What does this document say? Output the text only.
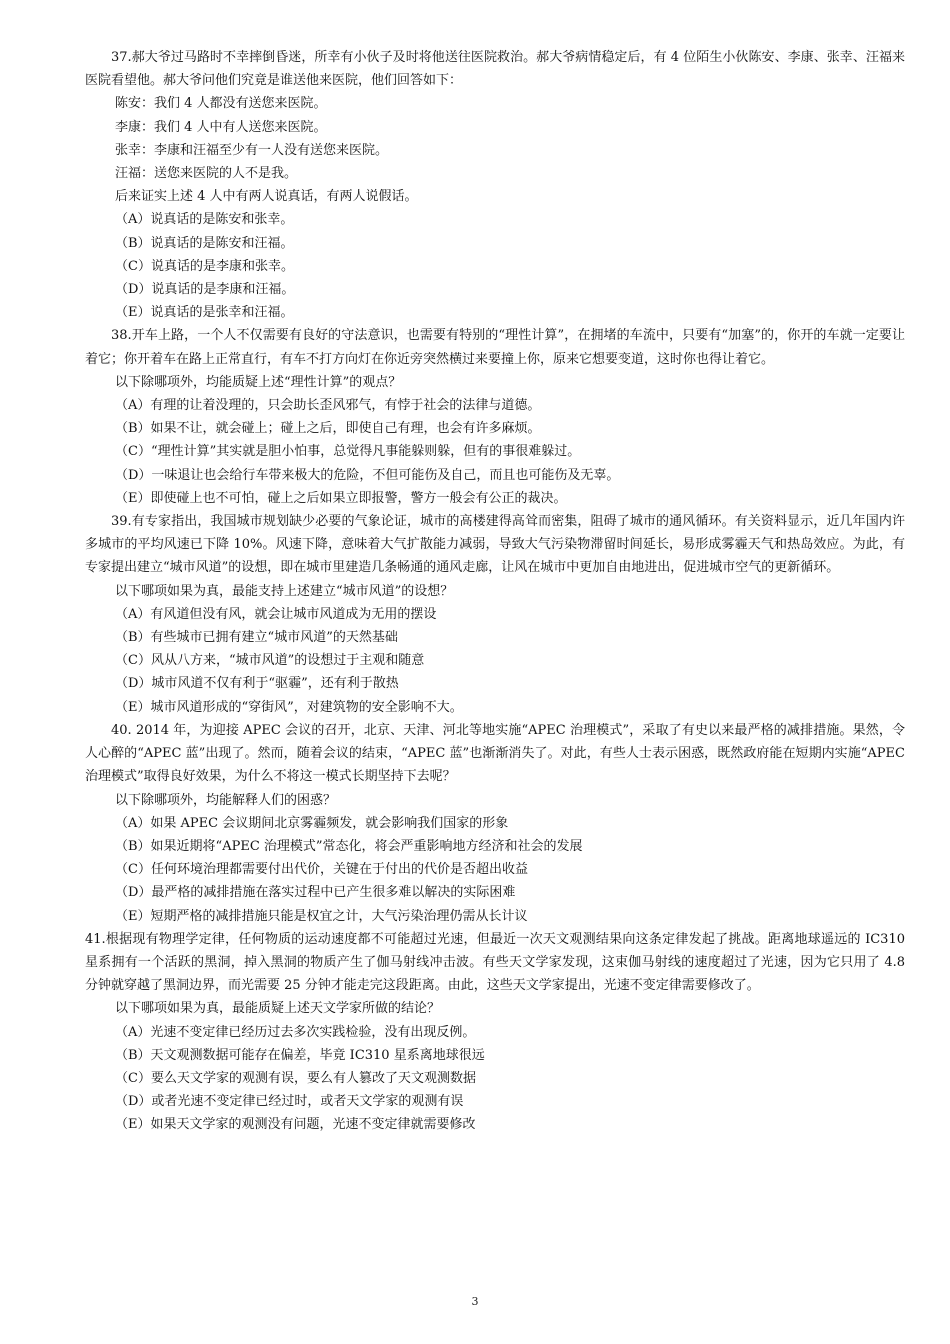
37.郝大爷过马路时不幸摔倒昏迷，所幸有小伙子及时将他送往医院救治。郝大爷病情稳定后，有 4 位陌生小伙陈安、李康、张幸、汪福来医院看望他。郝大爷问他们究竟是谁送他来医院，他们回答如下：

陈安：我们 4 人都没有送您来医院。

李康：我们 4 人中有人送您来医院。

张幸：李康和汪福至少有一人没有送您来医院。

汪福：送您来医院的人不是我。

后来证实上述 4 人中有两人说真话，有两人说假话。

（A）说真话的是陈安和张幸。

（B）说真话的是陈安和汪福。

（C）说真话的是李康和张幸。

（D）说真话的是李康和汪福。

（E）说真话的是张幸和汪福。

38.开车上路，一个人不仅需要有良好的守法意识，也需要有特别的“理性计算”，在拥堵的车流中，只要有“加塞”的，你开的车就一定要让着它；你开着车在路上正常直行，有车不打方向灯在你近旁突然横过来要撞上你，原来它想要变道，这时你也得让着它。

以下除哪项外，均能质疑上述“理性计算”的观点？

（A）有理的让着没理的，只会助长歪风邪气，有悖于社会的法律与道德。

（B）如果不让，就会碰上；碰上之后，即使自己有理，也会有许多麻烦。

（C）“理性计算”其实就是胆小怕事，总觉得凡事能躲则躲，但有的事很难躲过。

（D）一味退让也会给行车带来极大的危险，不但可能伤及自己，而且也可能伤及无辜。

（E）即使碰上也不可怕，碰上之后如果立即报警，警方一般会有公正的裁决。

39.有专家指出，我国城市规划缺少必要的气象论证，城市的高楼建得高耸而密集，阻碍了城市的通风循环。有关资料显示，近几年国内许多城市的平均风速已下降 10%。风速下降，意味着大气扩散能力减弱，导致大气污染物滞留时间延长，易形成雾霾天气和热岛效应。为此，有专家提出建立“城市风道”的设想，即在城市里建造几条畅通的通风走廊，让风在城市中更加自由地进出，促进城市空气的更新循环。

以下哪项如果为真，最能支持上述建立“城市风道”的设想？

（A）有风道但没有风，就会让城市风道成为无用的摆设

（B）有些城市已拥有建立“城市风道”的天然基础

（C）风从八方来，“城市风道”的设想过于主观和随意

（D）城市风道不仅有利于“驱霾”，还有利于散热

（E）城市风道形成的“穿街风”，对建筑物的安全影响不大。

40. 2014 年，为迎接 APEC 会议的召开，北京、天津、河北等地实施“APEC 治理模式”，采取了有史以来最严格的减排措施。果然，令人心醉的“APEC 蓝”出现了。然而，随着会议的结束，“APEC 蓝”也渐渐消失了。对此，有些人士表示困惑，既然政府能在短期内实施“APEC 治理模式”取得良好效果，为什么不将这一模式长期坚持下去呢？

以下除哪项外，均能解释人们的困惑？

（A）如果 APEC 会议期间北京雾霾频发，就会影响我们国家的形象

（B）如果近期将“APEC 治理模式”常态化，将会严重影响地方经济和社会的发展

（C）任何环境治理都需要付出代价，关键在于付出的代价是否超出收益

（D）最严格的减排措施在落实过程中已产生很多难以解决的实际困难

（E）短期严格的减排措施只能是权宜之计，大气污染治理仍需从长计议

41.根据现有物理学定律，任何物质的运动速度都不可能超过光速，但最近一次天文观测结果向这条定律发起了挑战。距离地球遥远的 IC310 星系拥有一个活跃的黑洞，掉入黑洞的物质产生了伽马射线冲击波。有些天文学家发现，这束伽马射线的速度超过了光速，因为它只用了 4.8 分钟就穿越了黑洞边界，而光需要 25 分钟才能走完这段距离。由此，这些天文学家提出，光速不变定律需要修改了。

以下哪项如果为真，最能质疑上述天文学家所做的结论？

（A）光速不变定律已经历过去多次实践检验，没有出现反例。

（B）天文观测数据可能存在偏差，毕竟 IC310 星系离地球很远

（C）要么天文学家的观测有误，要么有人篡改了天文观测数据

（D）或者光速不变定律已经过时，或者天文学家的观测有误

（E）如果天文学家的观测没有问题，光速不变定律就需要修改

3
